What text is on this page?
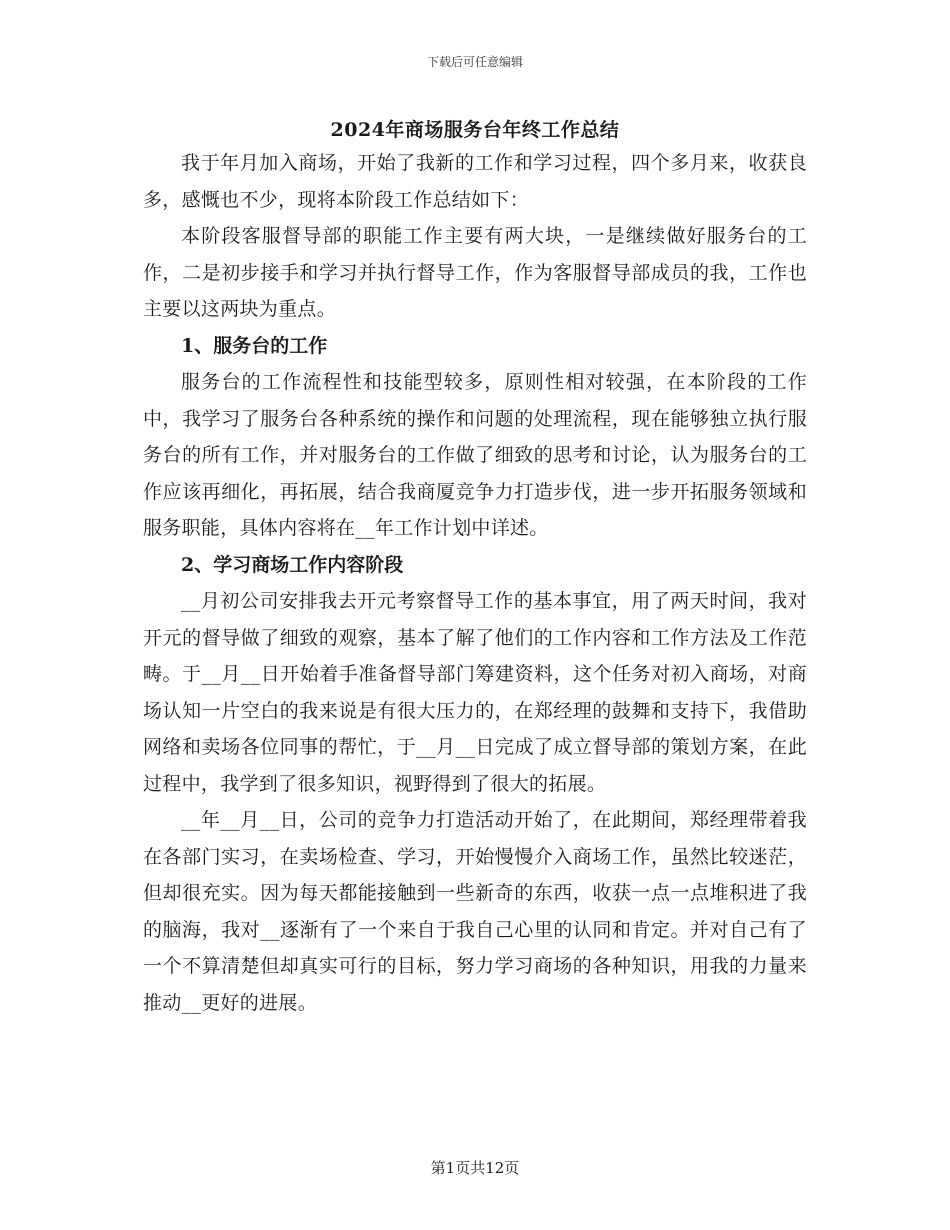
下载后可任意编辑
2024年商场服务台年终工作总结

我于年月加入商场，开始了我新的工作和学习过程，四个多月来，收获良多，感慨也不少，现将本阶段工作总结如下：

本阶段客服督导部的职能工作主要有两大块，一是继续做好服务台的工作，二是初步接手和学习并执行督导工作，作为客服督导部成员的我，工作也主要以这两块为重点。

1、服务台的工作

服务台的工作流程性和技能型较多，原则性相对较强，在本阶段的工作中，我学习了服务台各种系统的操作和问题的处理流程，现在能够独立执行服务台的所有工作，并对服务台的工作做了细致的思考和讨论，认为服务台的工作应该再细化，再拓展，结合我商厦竞争力打造步伐，进一步开拓服务领域和服务职能，具体内容将在__年工作计划中详述。

2、学习商场工作内容阶段

__月初公司安排我去开元考察督导工作的基本事宜，用了两天时间，我对开元的督导做了细致的观察，基本了解了他们的工作内容和工作方法及工作范畴。于__月__日开始着手准备督导部门筹建资料，这个任务对初入商场，对商场认知一片空白的我来说是有很大压力的，在郑经理的鼓舞和支持下，我借助网络和卖场各位同事的帮忙，于__月__日完成了成立督导部的策划方案，在此过程中，我学到了很多知识，视野得到了很大的拓展。

__年__月__日，公司的竞争力打造活动开始了，在此期间，郑经理带着我在各部门实习，在卖场检查、学习，开始慢慢介入商场工作，虽然比较迷茫，但却很充实。因为每天都能接触到一些新奇的东西，收获一点一点堆积进了我的脑海，我对__逐渐有了一个来自于我自己心里的认同和肯定。并对自己有了一个不算清楚但却真实可行的目标，努力学习商场的各种知识，用我的力量来推动__更好的进展。

第1页共12页
